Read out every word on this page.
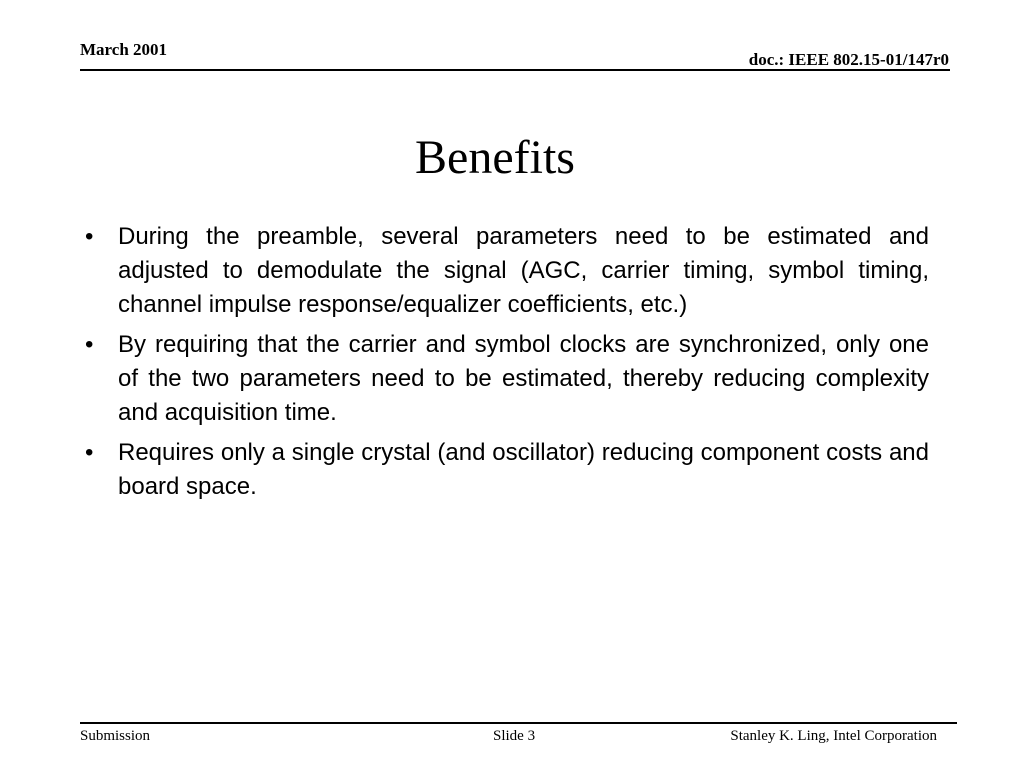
March 2001
doc.: IEEE 802.15-01/147r0
Benefits
•	During the preamble, several parameters need to be estimated and adjusted to demodulate the signal (AGC, carrier timing, symbol timing, channel impulse response/equalizer coefficients, etc.)
•	By requiring that the carrier and symbol clocks are synchronized, only one of the two parameters need to be estimated, thereby reducing complexity and acquisition time.
•	Requires only a single crystal (and oscillator) reducing component costs and board space.
Submission	Slide 3	Stanley K. Ling, Intel Corporation
